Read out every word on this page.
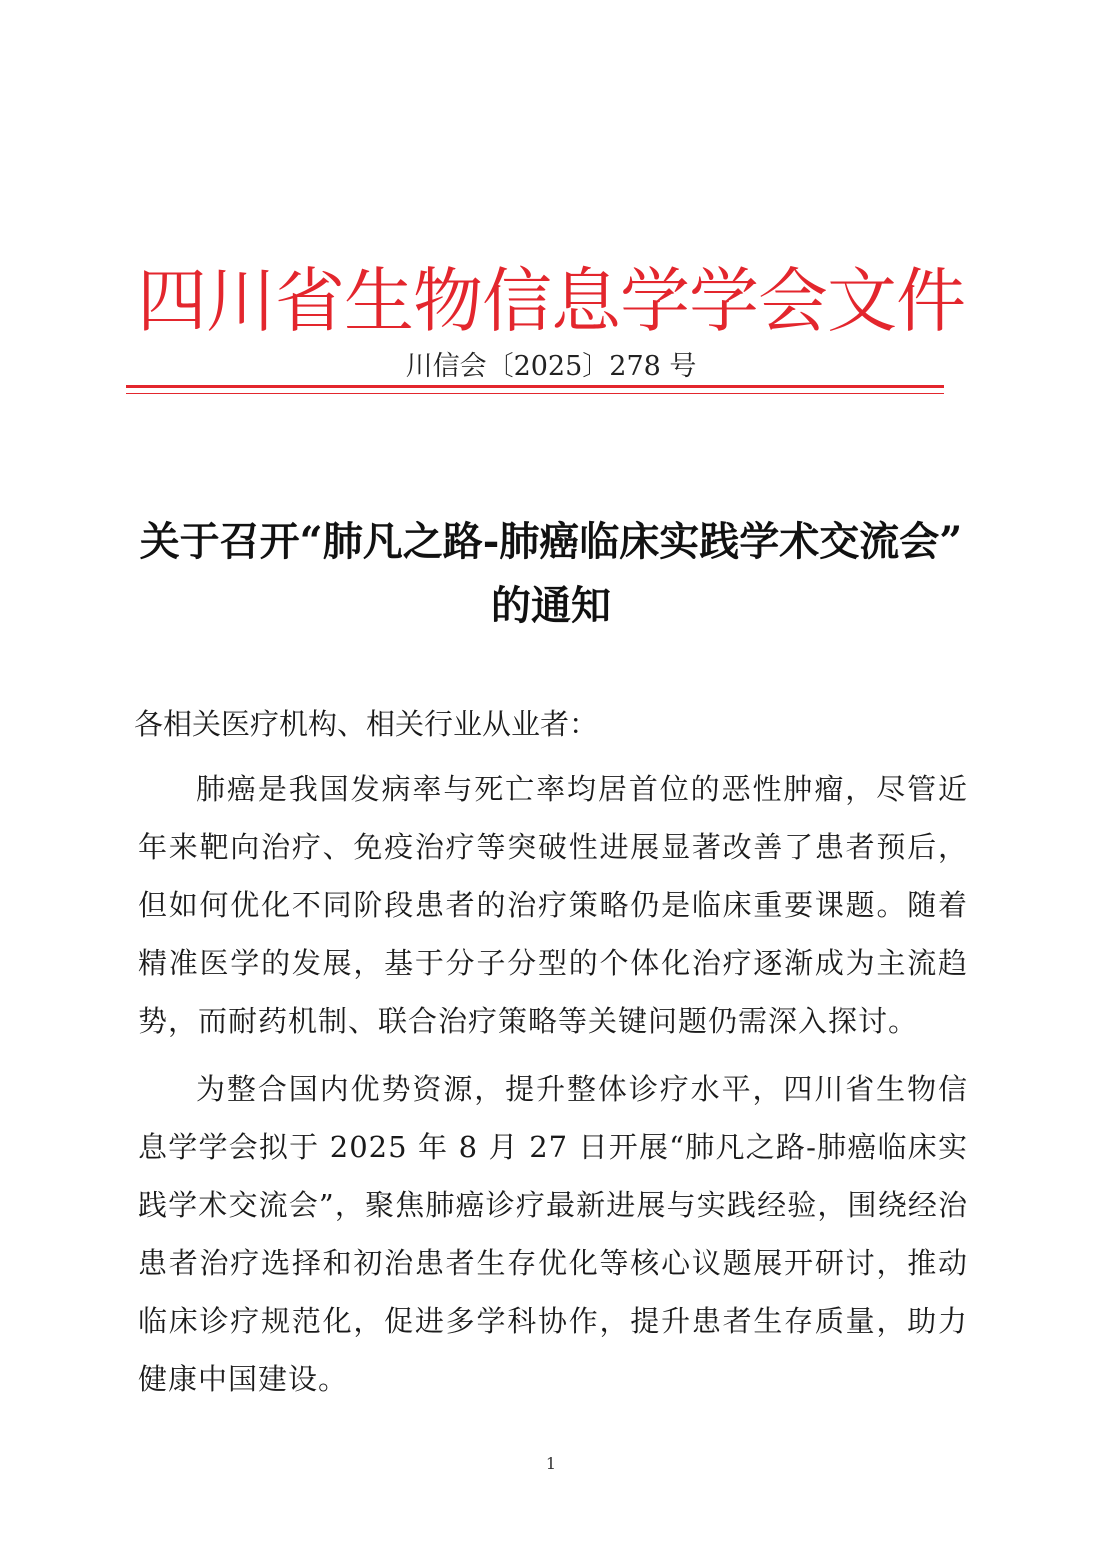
四川省生物信息学学会文件
川信会〔2025〕278 号
关于召开“肺凡之路-肺癌临床实践学术交流会”
的通知
各相关医疗机构、相关行业从业者：

肺癌是我国发病率与死亡率均居首位的恶性肿瘤，尽管近年来靶向治疗、免疫治疗等突破性进展显著改善了患者预后，但如何优化不同阶段患者的治疗策略仍是临床重要课题。随着精准医学的发展，基于分子分型的个体化治疗逐渐成为主流趋势，而耐药机制、联合治疗策略等关键问题仍需深入探讨。

为整合国内优势资源，提升整体诊疗水平，四川省生物信息学学会拟于 2025 年 8 月 27 日开展“肺凡之路-肺癌临床实践学术交流会”，聚焦肺癌诊疗最新进展与实践经验，围绕经治患者治疗选择和初治患者生存优化等核心议题展开研讨，推动临床诊疗规范化，促进多学科协作，提升患者生存质量，助力健康中国建设。

1
